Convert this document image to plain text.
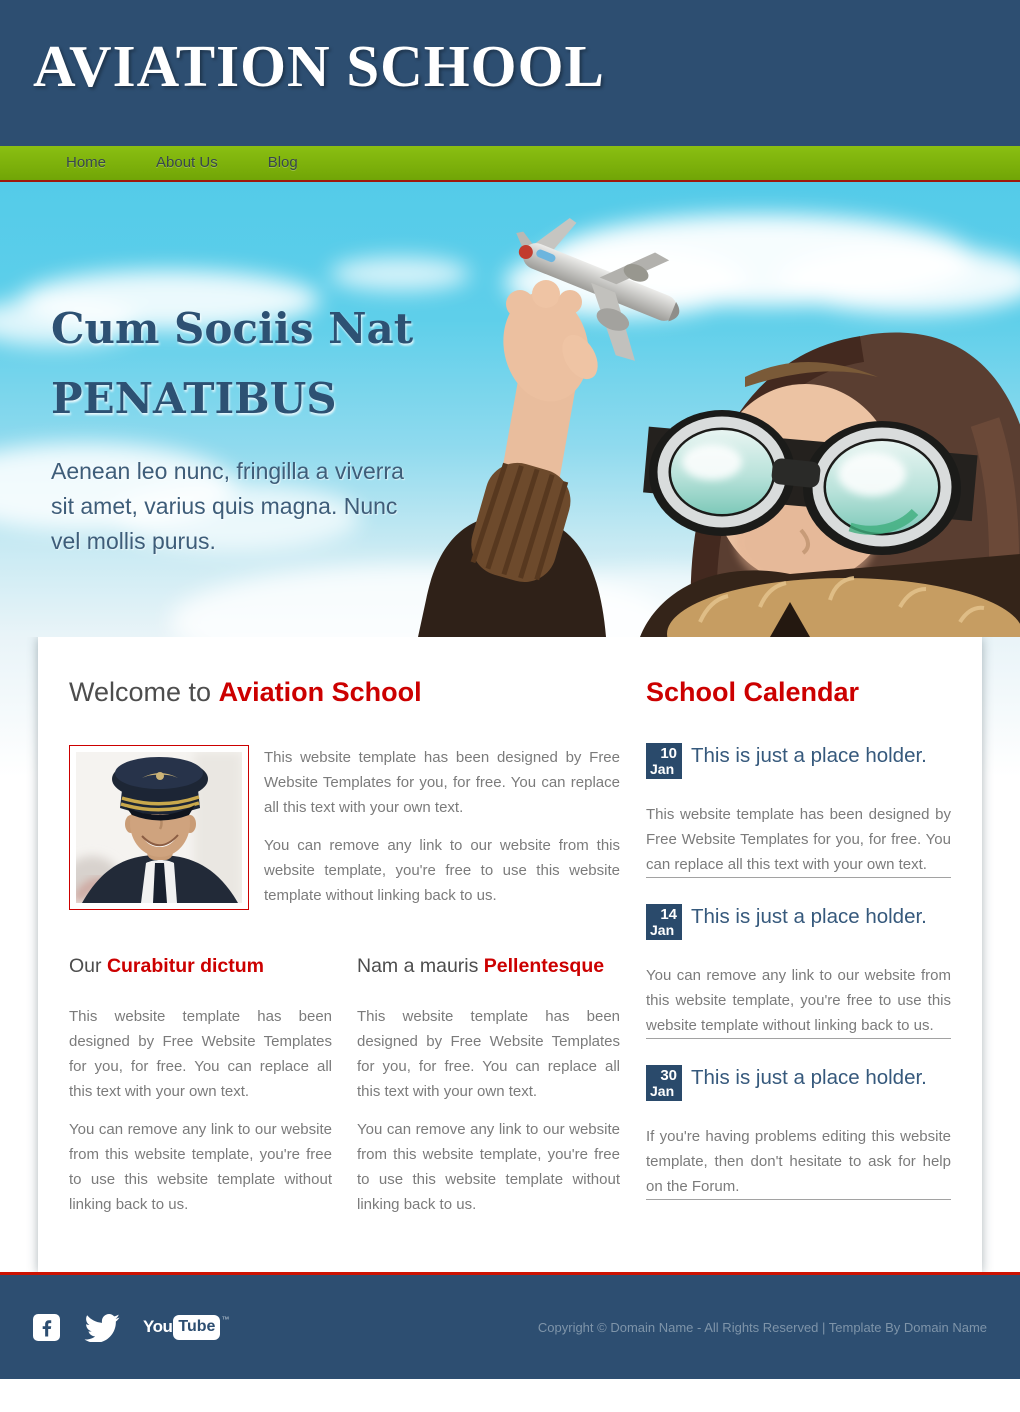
AVIATION SCHOOL
Home	About Us	Blog
Cum Sociis Nat
PENATIBUS

Aenean leo nunc, fringilla a viverra sit amet, varius quis magna. Nunc vel mollis purus.

Welcome to Aviation School

This website template has been designed by Free Website Templates for you, for free. You can replace all this text with your own text.

You can remove any link to our website from this website template, you're free to use this website template without linking back to us.

Our Curabitur dictum

This website template has been designed by Free Website Templates for you, for free. You can replace all this text with your own text.

You can remove any link to our website from this website template, you're free to use this website template without linking back to us.

Nam a mauris Pellentesque

This website template has been designed by Free Website Templates for you, for free. You can replace all this text with your own text.

You can remove any link to our website from this website template, you're free to use this website template without linking back to us.

School Calendar
10
Jan
This is just a place holder.

This website template has been designed by Free Website Templates for you, for free. You can replace all this text with your own text.

14
Jan
This is just a place holder.

You can remove any link to our website from this website template, you're free to use this website template without linking back to us.

30
Jan
This is just a place holder.

If you're having problems editing this website template, then don't hesitate to ask for help on the Forum.

You Tube ™
Copyright © Domain Name - All Rights Reserved | Template By Domain Name
